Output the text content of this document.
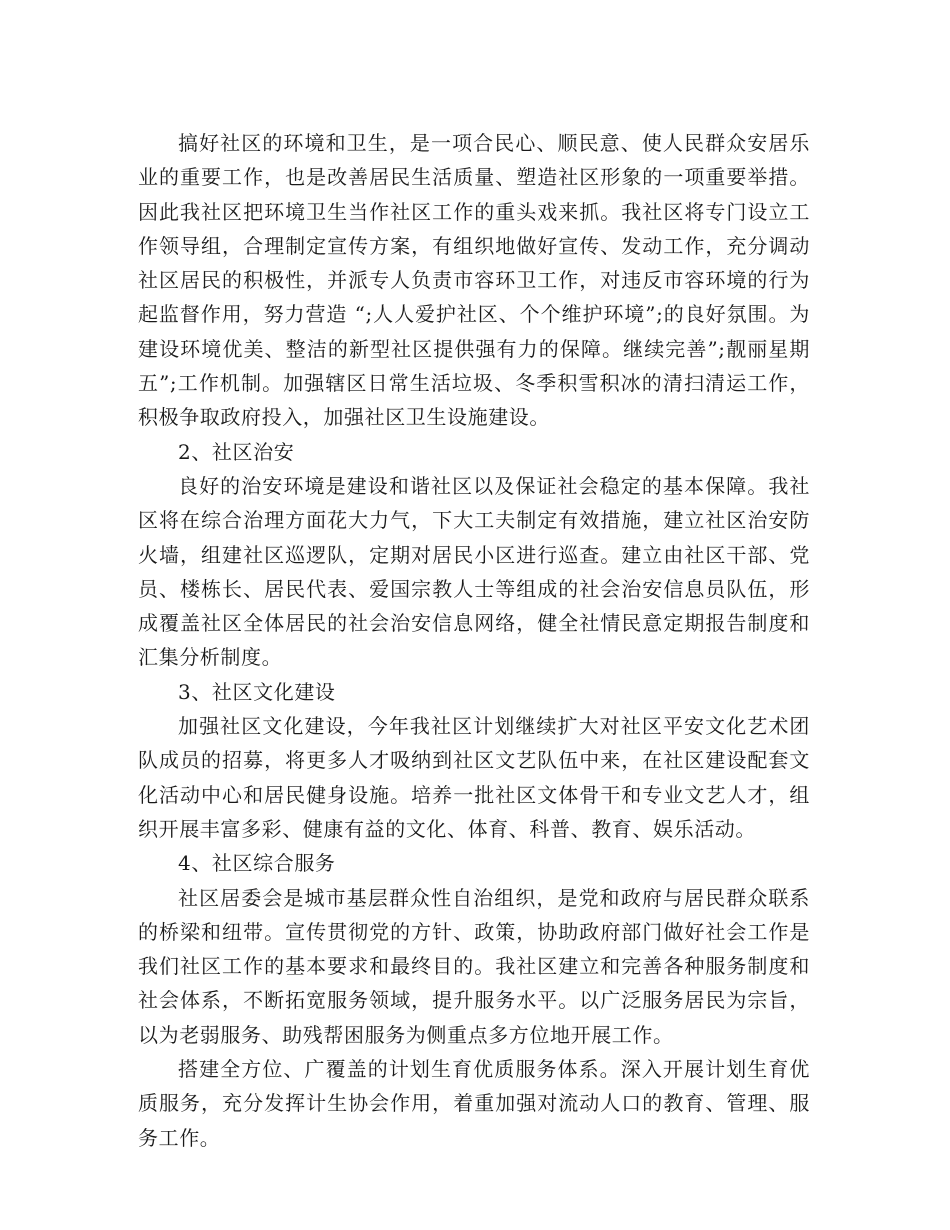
搞好社区的环境和卫生，是一项合民心、顺民意、使人民群众安居乐业的重要工作，也是改善居民生活质量、塑造社区形象的一项重要举措。因此我社区把环境卫生当作社区工作的重头戏来抓。我社区将专门设立工作领导组，合理制定宣传方案，有组织地做好宣传、发动工作，充分调动社区居民的积极性，并派专人负责市容环卫工作，对违反市容环境的行为起监督作用，努力营造 “;人人爱护社区、个个维护环境”;的良好氛围。为建设环境优美、整洁的新型社区提供强有力的保障。继续完善”;靓丽星期五”;工作机制。加强辖区日常生活垃圾、冬季积雪积冰的清扫清运工作，积极争取政府投入，加强社区卫生设施建设。

2、社区治安

良好的治安环境是建设和谐社区以及保证社会稳定的基本保障。我社区将在综合治理方面花大力气，下大工夫制定有效措施，建立社区治安防火墙，组建社区巡逻队，定期对居民小区进行巡查。建立由社区干部、党员、楼栋长、居民代表、爱国宗教人士等组成的社会治安信息员队伍，形成覆盖社区全体居民的社会治安信息网络，健全社情民意定期报告制度和汇集分析制度。

3、社区文化建设

加强社区文化建设，今年我社区计划继续扩大对社区平安文化艺术团队成员的招募，将更多人才吸纳到社区文艺队伍中来，在社区建设配套文化活动中心和居民健身设施。培养一批社区文体骨干和专业文艺人才，组织开展丰富多彩、健康有益的文化、体育、科普、教育、娱乐活动。

4、社区综合服务

社区居委会是城市基层群众性自治组织，是党和政府与居民群众联系的桥梁和纽带。宣传贯彻党的方针、政策，协助政府部门做好社会工作是我们社区工作的基本要求和最终目的。我社区建立和完善各种服务制度和社会体系，不断拓宽服务领域，提升服务水平。以广泛服务居民为宗旨，以为老弱服务、助残帮困服务为侧重点多方位地开展工作。

搭建全方位、广覆盖的计划生育优质服务体系。深入开展计划生育优质服务，充分发挥计生协会作用，着重加强对流动人口的教育、管理、服务工作。
